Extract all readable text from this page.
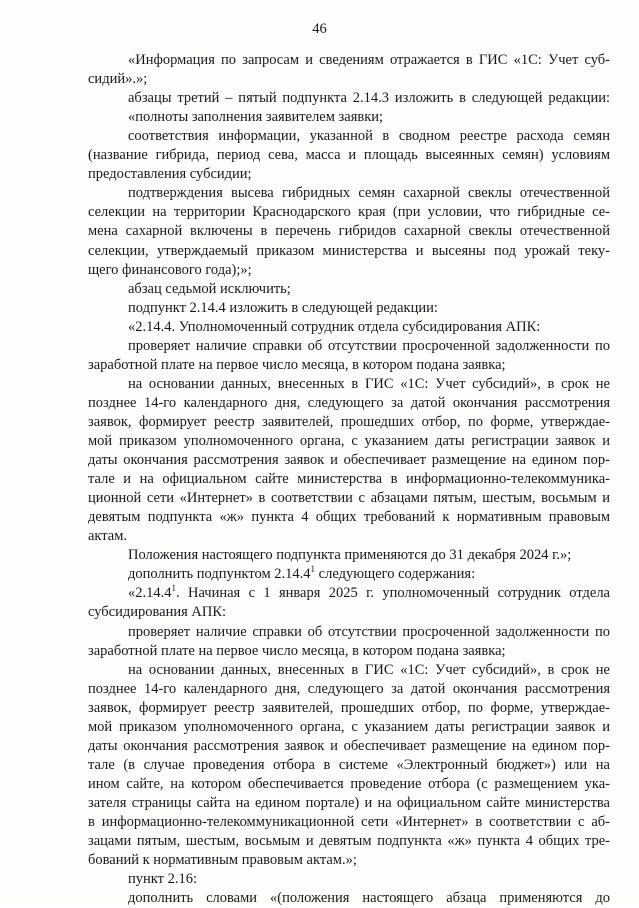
46
«Информация по запросам и сведениям отражается в ГИС «1С: Учет суб-
сидий».»;
абзацы третий – пятый подпункта 2.14.3 изложить в следующей редакции:
«полноты заполнения заявителем заявки;
соответствия информации, указанной в сводном реестре расхода семян
(название гибрида, период сева, масса и площадь высеянных семян) условиям
предоставления субсидии;
подтверждения высева гибридных семян сахарной свеклы отечественной
селекции на территории Краснодарского края (при условии, что гибридные се-
мена сахарной включены в перечень гибридов сахарной свеклы отечественной
селекции, утверждаемый приказом министерства и высеяны под урожай теку-
щего финансового года);»;
абзац седьмой исключить;
подпункт 2.14.4 изложить в следующей редакции:
«2.14.4. Уполномоченный сотрудник отдела субсидирования АПК:
проверяет наличие справки об отсутствии просроченной задолженности по
заработной плате на первое число месяца, в котором подана заявка;
на основании данных, внесенных в ГИС «1С: Учет субсидий», в срок не
позднее 14-го календарного дня, следующего за датой окончания рассмотрения
заявок, формирует реестр заявителей, прошедших отбор, по форме, утверждае-
мой приказом уполномоченного органа, с указанием даты регистрации заявок и
даты окончания рассмотрения заявок и обеспечивает размещение на едином пор-
тале и на официальном сайте министерства в информационно-телекоммуника-
ционной сети «Интернет» в соответствии с абзацами пятым, шестым, восьмым и
девятым подпункта «ж» пункта 4 общих требований к нормативным правовым
актам.
Положения настоящего подпункта применяются до 31 декабря 2024 г.»;
дополнить подпунктом 2.14.4$^1$ следующего содержания:
«2.14.4$^1$. Начиная с 1 января 2025 г. уполномоченный сотрудник отдела
субсидирования АПК:
проверяет наличие справки об отсутствии просроченной задолженности по
заработной плате на первое число месяца, в котором подана заявка;
на основании данных, внесенных в ГИС «1С: Учет субсидий», в срок не
позднее 14-го календарного дня, следующего за датой окончания рассмотрения
заявок, формирует реестр заявителей, прошедших отбор, по форме, утверждае-
мой приказом уполномоченного органа, с указанием даты регистрации заявок и
даты окончания рассмотрения заявок и обеспечивает размещение на едином пор-
тале (в случае проведения отбора в системе «Электронный бюджет») или на
ином сайте, на котором обеспечивается проведение отбора (с размещением ука-
зателя страницы сайта на едином портале) и на официальном сайте министерства
в информационно-телекоммуникационной сети «Интернет» в соответствии с аб-
зацами пятым, шестым, восьмым и девятым подпункта «ж» пункта 4 общих тре-
бований к нормативным правовым актам.»;
пункт 2.16:
дополнить словами «(положения настоящего абзаца применяются до
